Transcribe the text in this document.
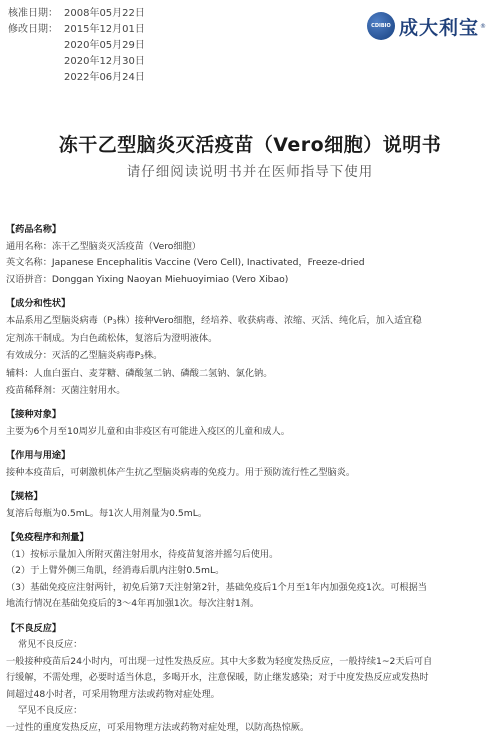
核准日期： 2008年05月22日
修改日期： 2015年12月01日
2020年05月29日
2020年12月30日
2022年06月24日
CDIBIO 成大利宝 ®
冻干乙型脑炎灭活疫苗（Vero细胞）说明书
请仔细阅读说明书并在医师指导下使用
【药品名称】
通用名称：冻干乙型脑炎灭活疫苗（Vero细胞）
英文名称：Japanese Encephalitis Vaccine (Vero Cell), Inactivated，Freeze-dried
汉语拼音：Donggan Yixing Naoyan Miehuoyimiao (Vero Xibao)
【成分和性状】
本品系用乙型脑炎病毒（P3株）接种Vero细胞，经培养、收获病毒、浓缩、灭活、纯化后，加入适宜稳
定剂冻干制成。为白色疏松体，复溶后为澄明液体。
有效成分：灭活的乙型脑炎病毒P3株。
辅料：人血白蛋白、麦芽糖、磷酸氢二钠、磷酸二氢钠、氯化钠。
疫苗稀释剂：灭菌注射用水。
【接种对象】
主要为6个月至10周岁儿童和由非疫区有可能进入疫区的儿童和成人。
【作用与用途】
接种本疫苗后，可刺激机体产生抗乙型脑炎病毒的免疫力。用于预防流行性乙型脑炎。
【规格】
复溶后每瓶为0.5mL。每1次人用剂量为0.5mL。
【免疫程序和剂量】
（1）按标示量加入所附灭菌注射用水，待疫苗复溶并摇匀后使用。
（2）于上臂外侧三角肌，经消毒后肌内注射0.5mL。
（3）基础免疫应注射两针，初免后第7天注射第2针，基础免疫后1个月至1年内加强免疫1次。可根据当
地流行情况在基础免疫后的3～4年再加强1次。每次注射1剂。
【不良反应】
常见不良反应：
一般接种疫苗后24小时内，可出现一过性发热反应。其中大多数为轻度发热反应，一般持续1~2天后可自
行缓解，不需处理，必要时适当休息，多喝开水，注意保暖，防止继发感染；对于中度发热反应或发热时
间超过48小时者，可采用物理方法或药物对症处理。
罕见不良反应：
一过性的重度发热反应，可采用物理方法或药物对症处理，以防高热惊厥。
